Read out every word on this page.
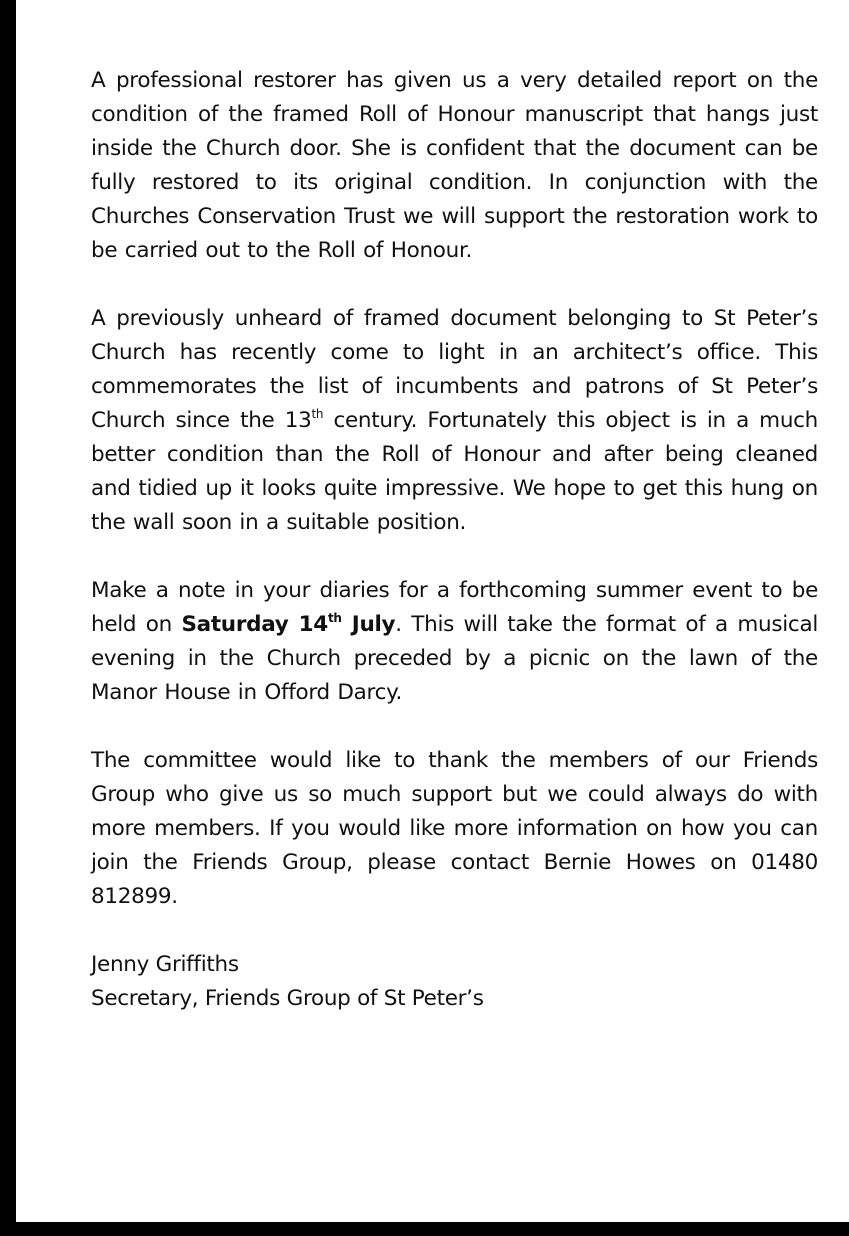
A professional restorer has given us a very detailed report on the condition of the framed Roll of Honour manuscript that hangs just inside the Church door. She is confident that the document can be fully restored to its original condition. In conjunction with the Churches Conservation Trust we will support the restoration work to be carried out to the Roll of Honour.

A previously unheard of framed document belonging to St Peter’s Church has recently come to light in an architect’s office. This commemorates the list of incumbents and patrons of St Peter’s Church since the 13th century. Fortunately this object is in a much better condition than the Roll of Honour and after being cleaned and tidied up it looks quite impressive. We hope to get this hung on the wall soon in a suitable position.

Make a note in your diaries for a forthcoming summer event to be held on Saturday 14th July. This will take the format of a musical evening in the Church preceded by a picnic on the lawn of the Manor House in Offord Darcy.

The committee would like to thank the members of our Friends Group who give us so much support but we could always do with more members. If you would like more information on how you can join the Friends Group, please contact Bernie Howes on 01480 812899.

Jenny Griffiths

Secretary, Friends Group of St Peter’s
